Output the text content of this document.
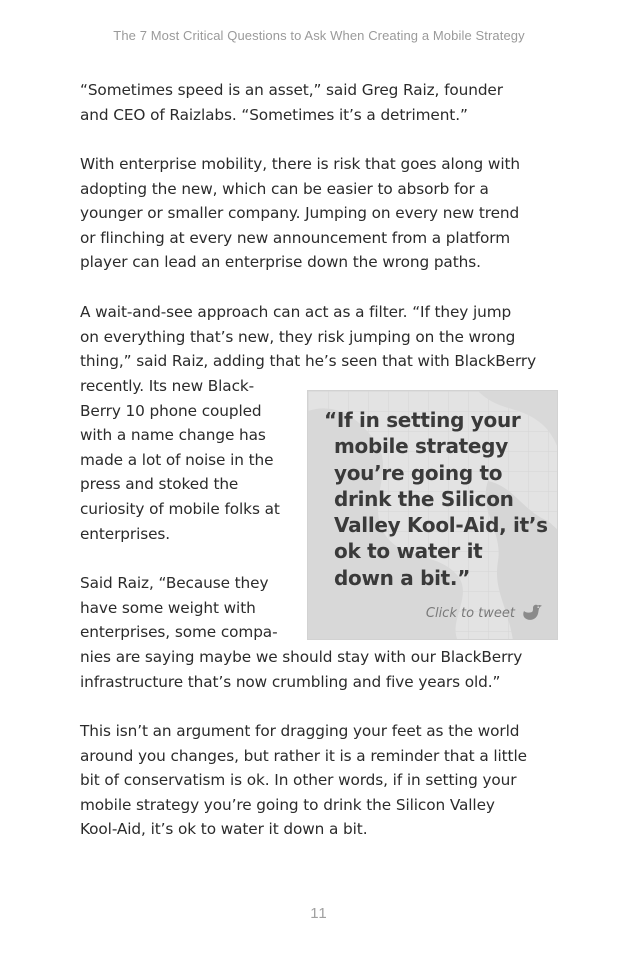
The 7 Most Critical Questions to Ask When Creating a Mobile Strategy

“Sometimes speed is an asset,” said Greg Raiz, founder
and CEO of Raizlabs. “Sometimes it’s a detriment.”

With enterprise mobility, there is risk that goes along with
adopting the new, which can be easier to absorb for a
younger or smaller company. Jumping on every new trend
or flinching at every new announcement from a platform
player can lead an enterprise down the wrong paths.

A wait-and-see approach can act as a filter. “If they jump
on everything that’s new, they risk jumping on the wrong
thing,” said Raiz, adding that he’s seen that with BlackBerry

recently. Its new Black-
Berry 10 phone coupled
with a name change has
made a lot of noise in the
press and stoked the
curiosity of mobile folks at
enterprises.

Said Raiz, “Because they
have some weight with
enterprises, some compa-

nies are saying maybe we should stay with our BlackBerry
infrastructure that’s now crumbling and five years old.”

This isn’t an argument for dragging your feet as the world
around you changes, but rather it is a reminder that a little
bit of conservatism is ok. In other words, if in setting your
mobile strategy you’re going to drink the Silicon Valley
Kool-Aid, it’s ok to water it down a bit.

“If in setting your
mobile strategy
you’re going to
drink the Silicon
Valley Kool-Aid, it’s
ok to water it
down a bit.”

Click to tweet
11
